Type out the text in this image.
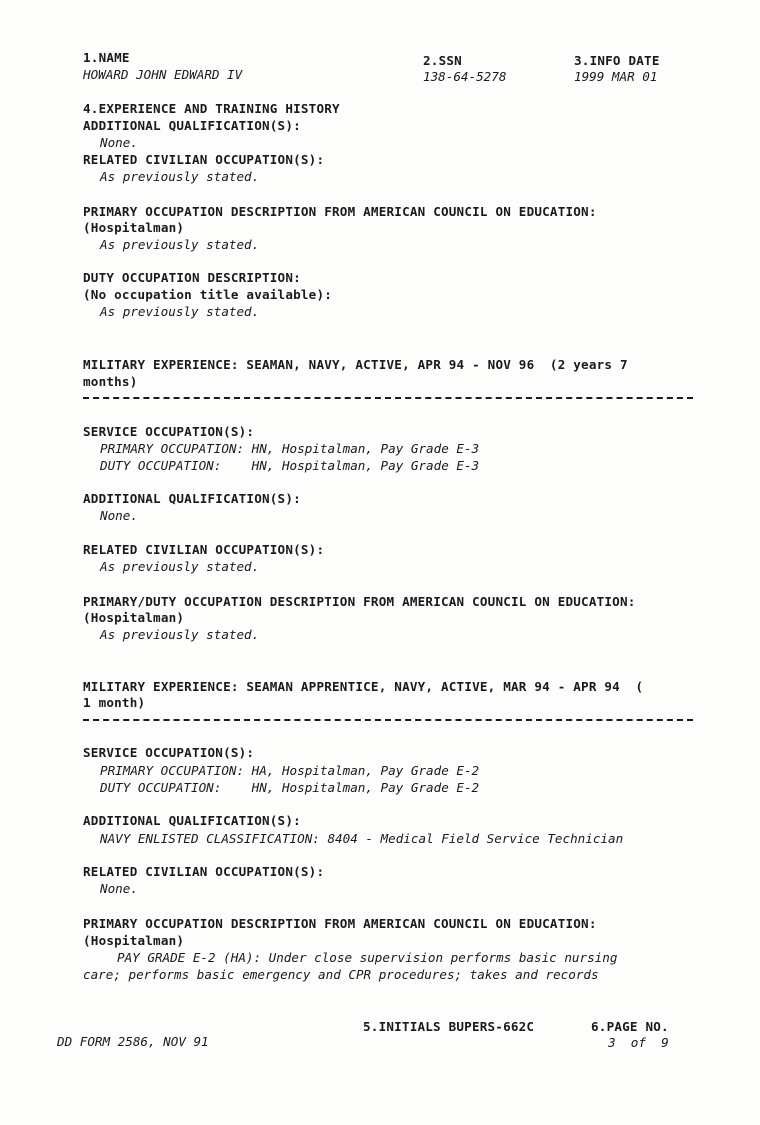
1.NAME
HOWARD JOHN EDWARD IV
2.SSN
138-64-5278
3.INFO DATE
1999 MAR 01
4.EXPERIENCE AND TRAINING HISTORY
ADDITIONAL QUALIFICATION(S):
None.
RELATED CIVILIAN OCCUPATION(S):
As previously stated.
PRIMARY OCCUPATION DESCRIPTION FROM AMERICAN COUNCIL ON EDUCATION:
(Hospitalman)
As previously stated.
DUTY OCCUPATION DESCRIPTION:
(No occupation title available):
As previously stated.
MILITARY EXPERIENCE: SEAMAN, NAVY, ACTIVE, APR 94 - NOV 96  (2 years 7
months)
SERVICE OCCUPATION(S):
PRIMARY OCCUPATION: HN, Hospitalman, Pay Grade E-3
DUTY OCCUPATION:    HN, Hospitalman, Pay Grade E-3
ADDITIONAL QUALIFICATION(S):
None.
RELATED CIVILIAN OCCUPATION(S):
As previously stated.
PRIMARY/DUTY OCCUPATION DESCRIPTION FROM AMERICAN COUNCIL ON EDUCATION:
(Hospitalman)
As previously stated.
MILITARY EXPERIENCE: SEAMAN APPRENTICE, NAVY, ACTIVE, MAR 94 - APR 94  (
1 month)
SERVICE OCCUPATION(S):
PRIMARY OCCUPATION: HA, Hospitalman, Pay Grade E-2
DUTY OCCUPATION:    HN, Hospitalman, Pay Grade E-2
ADDITIONAL QUALIFICATION(S):
NAVY ENLISTED CLASSIFICATION: 8404 - Medical Field Service Technician
RELATED CIVILIAN OCCUPATION(S):
None.
PRIMARY OCCUPATION DESCRIPTION FROM AMERICAN COUNCIL ON EDUCATION:
(Hospitalman)
PAY GRADE E-2 (HA): Under close supervision performs basic nursing
care; performs basic emergency and CPR procedures; takes and records
5.INITIALS BUPERS-662C	6.PAGE NO.
DD FORM 2586, NOV 91	3  of  9
